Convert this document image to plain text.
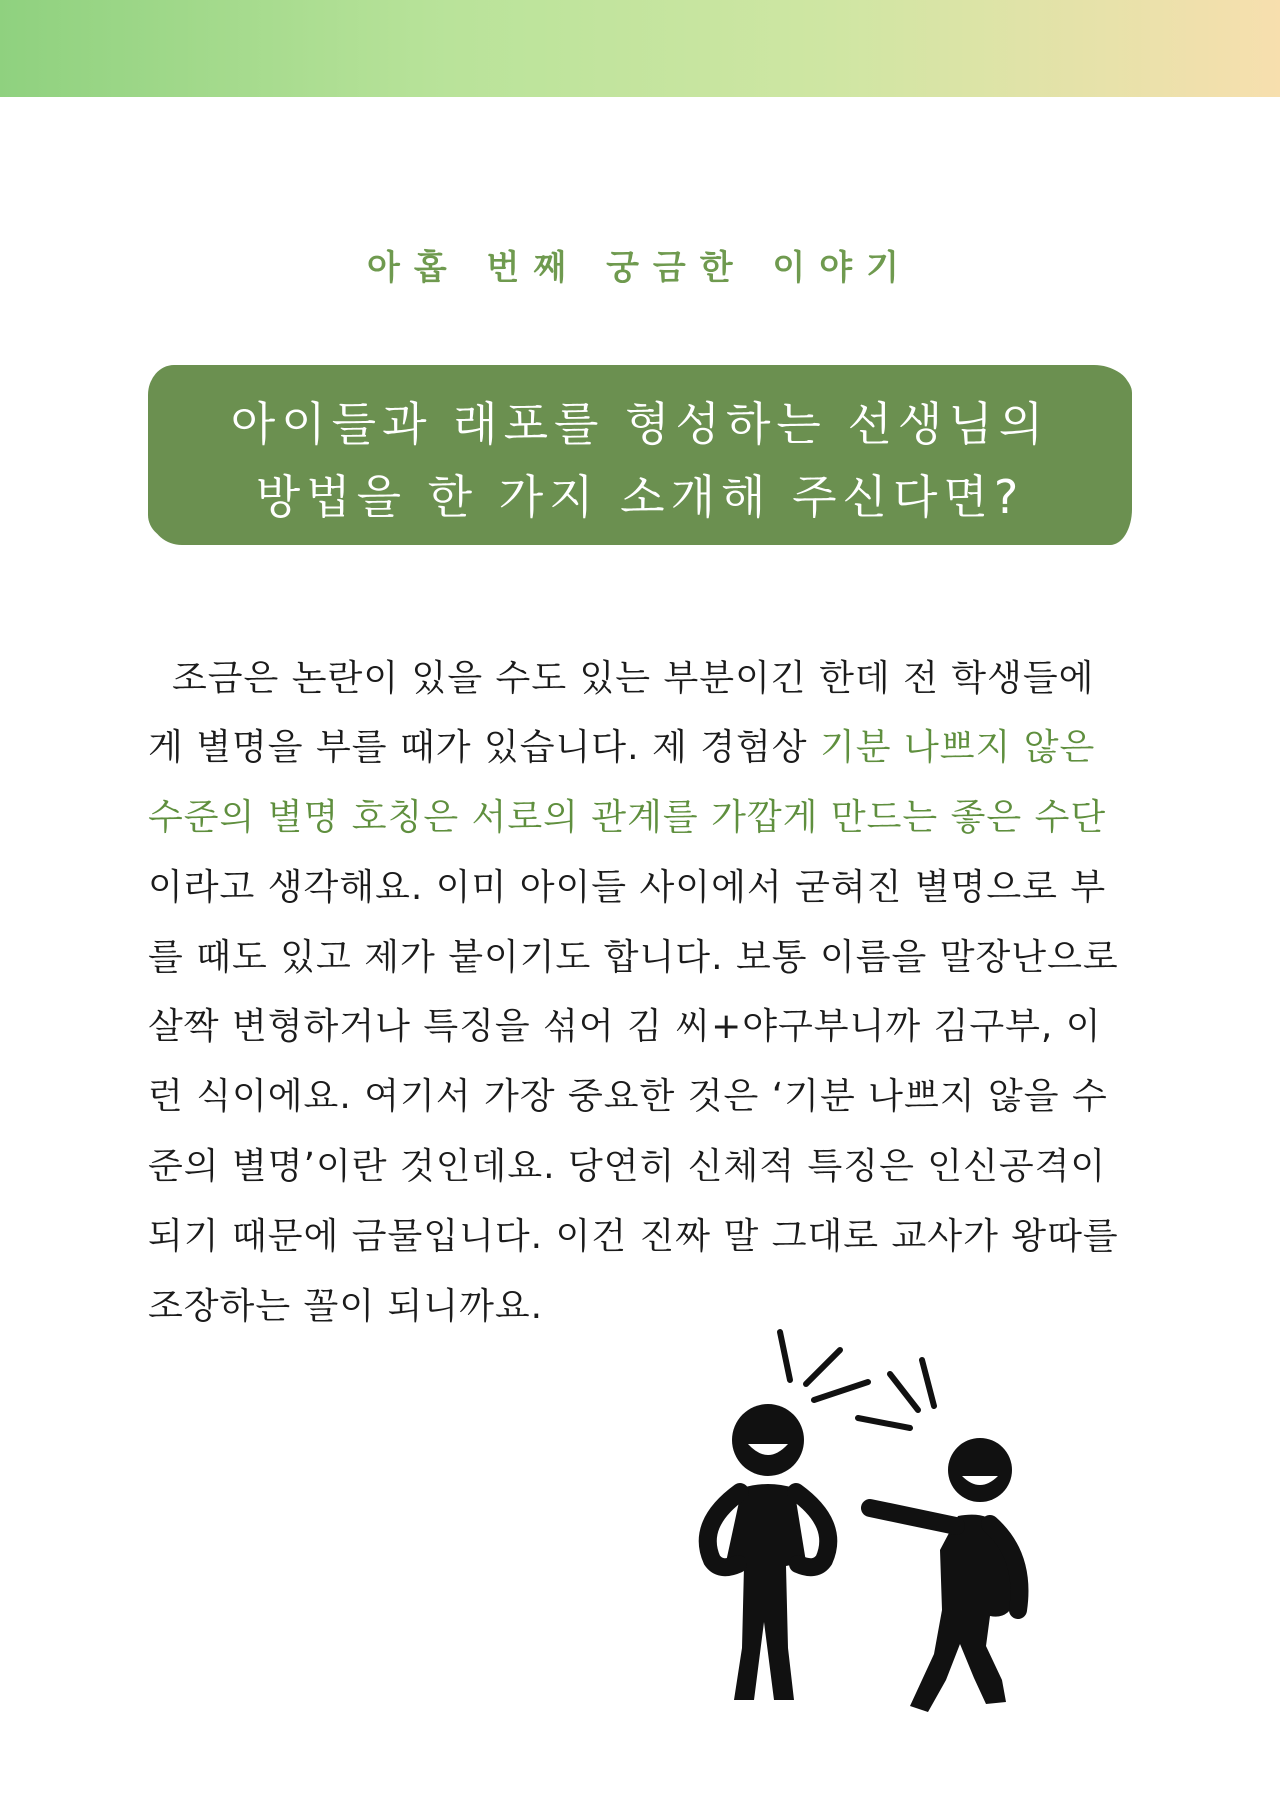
아홉 번째 궁금한 이야기
아이들과 래포를 형성하는 선생님의
방법을 한 가지 소개해 주신다면?
조금은 논란이 있을 수도 있는 부분이긴 한데 전 학생들에
게 별명을 부를 때가 있습니다. 제 경험상 기분 나쁘지 않은
수준의 별명 호칭은 서로의 관계를 가깝게 만드는 좋은 수단
이라고 생각해요. 이미 아이들 사이에서 굳혀진 별명으로 부
를 때도 있고 제가 붙이기도 합니다. 보통 이름을 말장난으로
살짝 변형하거나 특징을 섞어 김 씨+야구부니까 김구부, 이
런 식이에요. 여기서 가장 중요한 것은 ‘기분 나쁘지 않을 수
준의 별명’이란 것인데요. 당연히 신체적 특징은 인신공격이
되기 때문에 금물입니다. 이건 진짜 말 그대로 교사가 왕따를
조장하는 꼴이 되니까요.
